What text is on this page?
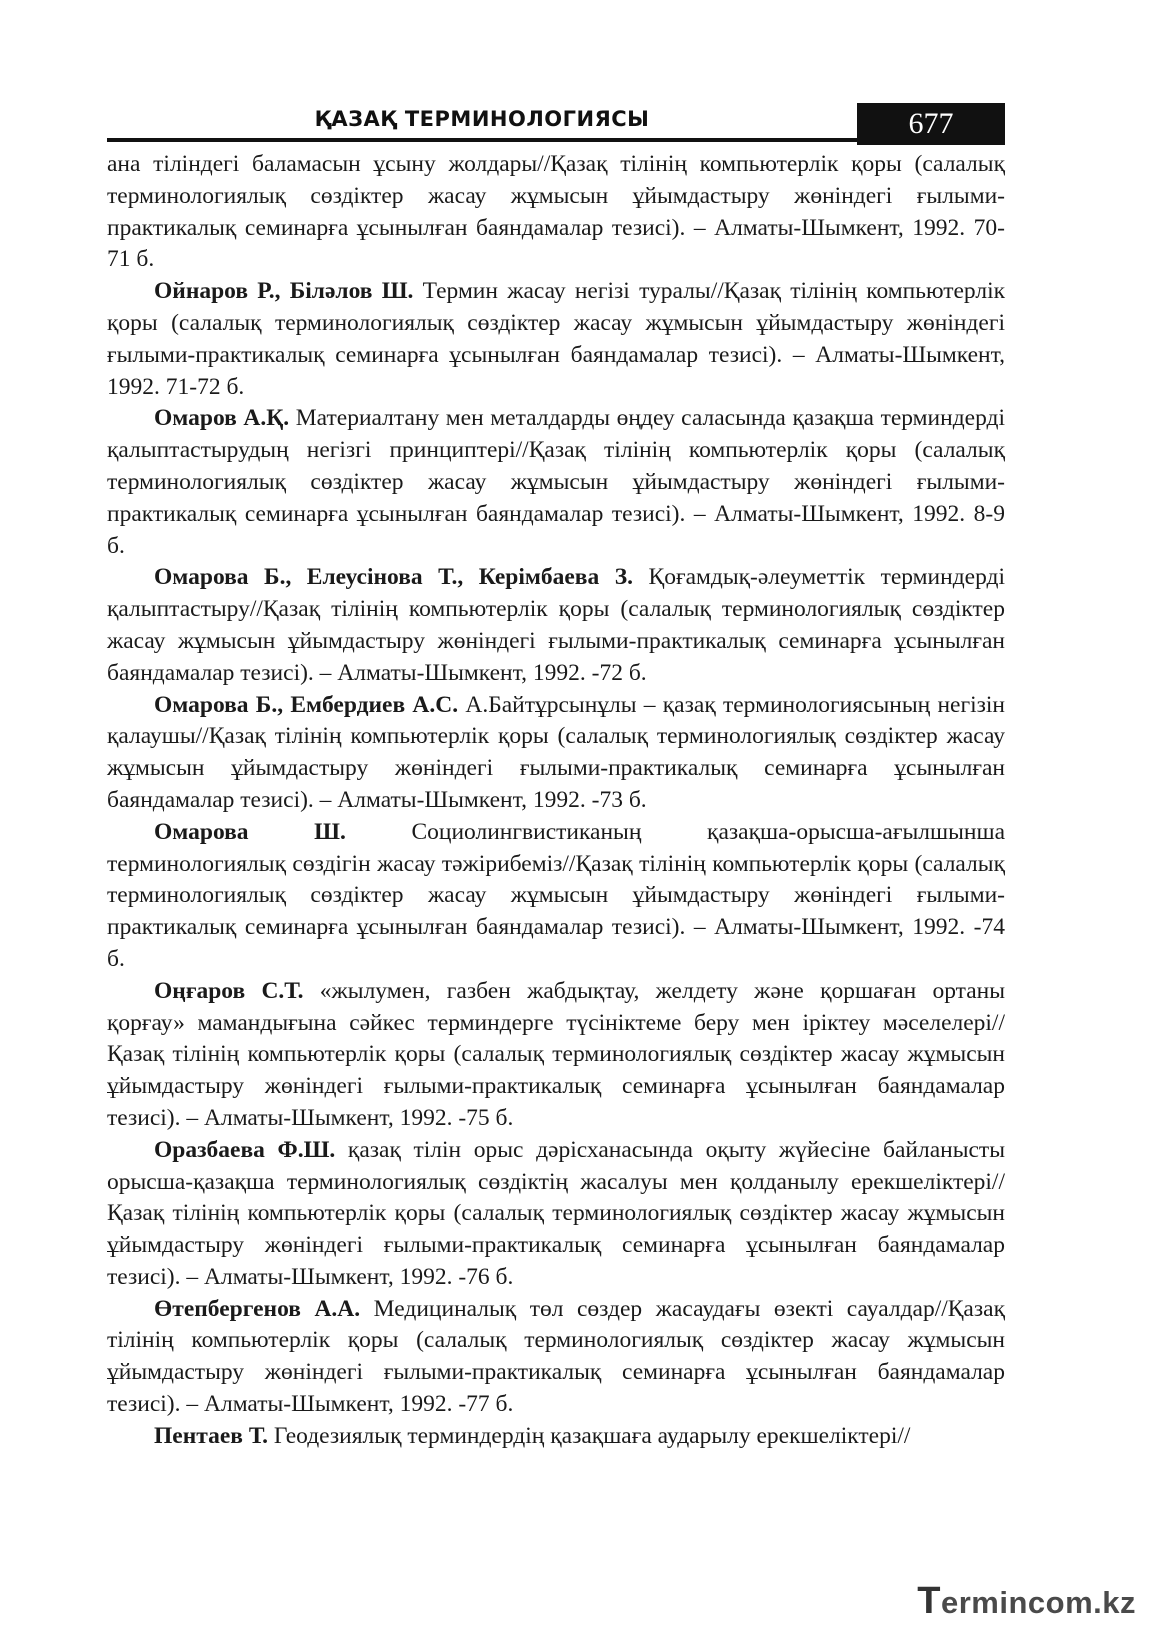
ҚАЗАҚ ТЕРМИНОЛОГИЯСЫ	677

ана тіліндегі баламасын ұсыну жолдары//Қазақ тілінің компьютерлік қоры (салалық терминологиялық сөздіктер жасау жұмысын ұйымдастыру жөніндегі ғылыми-практикалық семинарға ұсынылған баяндамалар тезисі). – Алматы-Шымкент, 1992. 70-71 б.

Ойнаров Р., Біләлов Ш. Термин жасау негізі туралы//Қазақ тілінің компьютерлік қоры (салалық терминологиялық сөздіктер жасау жұмысын ұйымдастыру жөніндегі ғылыми-практикалық семинарға ұсынылған баяндамалар тезисі). – Алматы-Шымкент, 1992. 71-72 б.

Омаров А.Қ. Материалтану мен металдарды өңдеу саласында қазақша терминдерді қалыптастырудың негізгі принциптері//Қазақ тілінің компьютерлік қоры (салалық терминологиялық сөздіктер жасау жұмысын ұйымдастыру жөніндегі ғылыми-практикалық семинарға ұсынылған баяндамалар тезисі). – Алматы-Шымкент, 1992. 8-9 б.

Омарова Б., Елеусінова Т., Керімбаева З. Қоғамдық-әлеуметтік терминдерді қалыптастыру//Қазақ тілінің компьютерлік қоры (салалық терминологиялық сөздіктер жасау жұмысын ұйымдастыру жөніндегі ғылыми-практикалық семинарға ұсынылған баяндамалар тезисі). – Алматы-Шымкент, 1992. -72 б.

Омарова Б., Ембердиев А.С. А.Байтұрсынұлы – қазақ терминологиясының негізін қалаушы//Қазақ тілінің компьютерлік қоры (салалық терминологиялық сөздіктер жасау жұмысын ұйымдастыру жөніндегі ғылыми-практикалық семинарға ұсынылған баяндамалар тезисі). – Алматы-Шымкент, 1992. -73 б.

Омарова Ш.	Социолингвистиканың қазақша-орысша-ағылшынша терминологиялық сөздігін жасау тәжірибеміз//Қазақ тілінің компьютерлік қоры (салалық терминологиялық сөздіктер жасау жұмысын ұйымдастыру жөніндегі ғылыми-практикалық семинарға ұсынылған баяндамалар тезисі). – Алматы-Шымкент, 1992. -74 б.

Оңғаров С.Т. «жылумен, газбен жабдықтау, желдету және қоршаған ортаны қорғау» мамандығына сәйкес терминдерге түсініктеме беру мен іріктеу мәселелері//Қазақ тілінің компьютерлік қоры (салалық терминологиялық сөздіктер жасау жұмысын ұйымдастыру жөніндегі ғылыми-практикалық семинарға ұсынылған баяндамалар тезисі). – Алматы-Шымкент, 1992. -75 б.

Оразбаева Ф.Ш. қазақ тілін орыс дәрісханасында оқыту жүйесіне байланысты орысша-қазақша терминологиялық сөздіктің жасалуы мен қолданылу ерекшеліктері//Қазақ тілінің компьютерлік қоры (салалық терминологиялық сөздіктер жасау жұмысын ұйымдастыру жөніндегі ғылыми-практикалық семинарға ұсынылған баяндамалар тезисі). – Алматы-Шымкент, 1992. -76 б.

Өтепбергенов А.А. Медициналық төл сөздер жасаудағы өзекті сауалдар//Қазақ тілінің компьютерлік қоры (салалық терминологиялық сөздіктер жасау жұмысын ұйымдастыру жөніндегі ғылыми-практикалық семинарға ұсынылған баяндамалар тезисі). – Алматы-Шымкент, 1992. -77 б.

Пентаев Т. Геодезиялық терминдердің қазақшаға аударылу ерекшеліктері//

Termincom.kz
